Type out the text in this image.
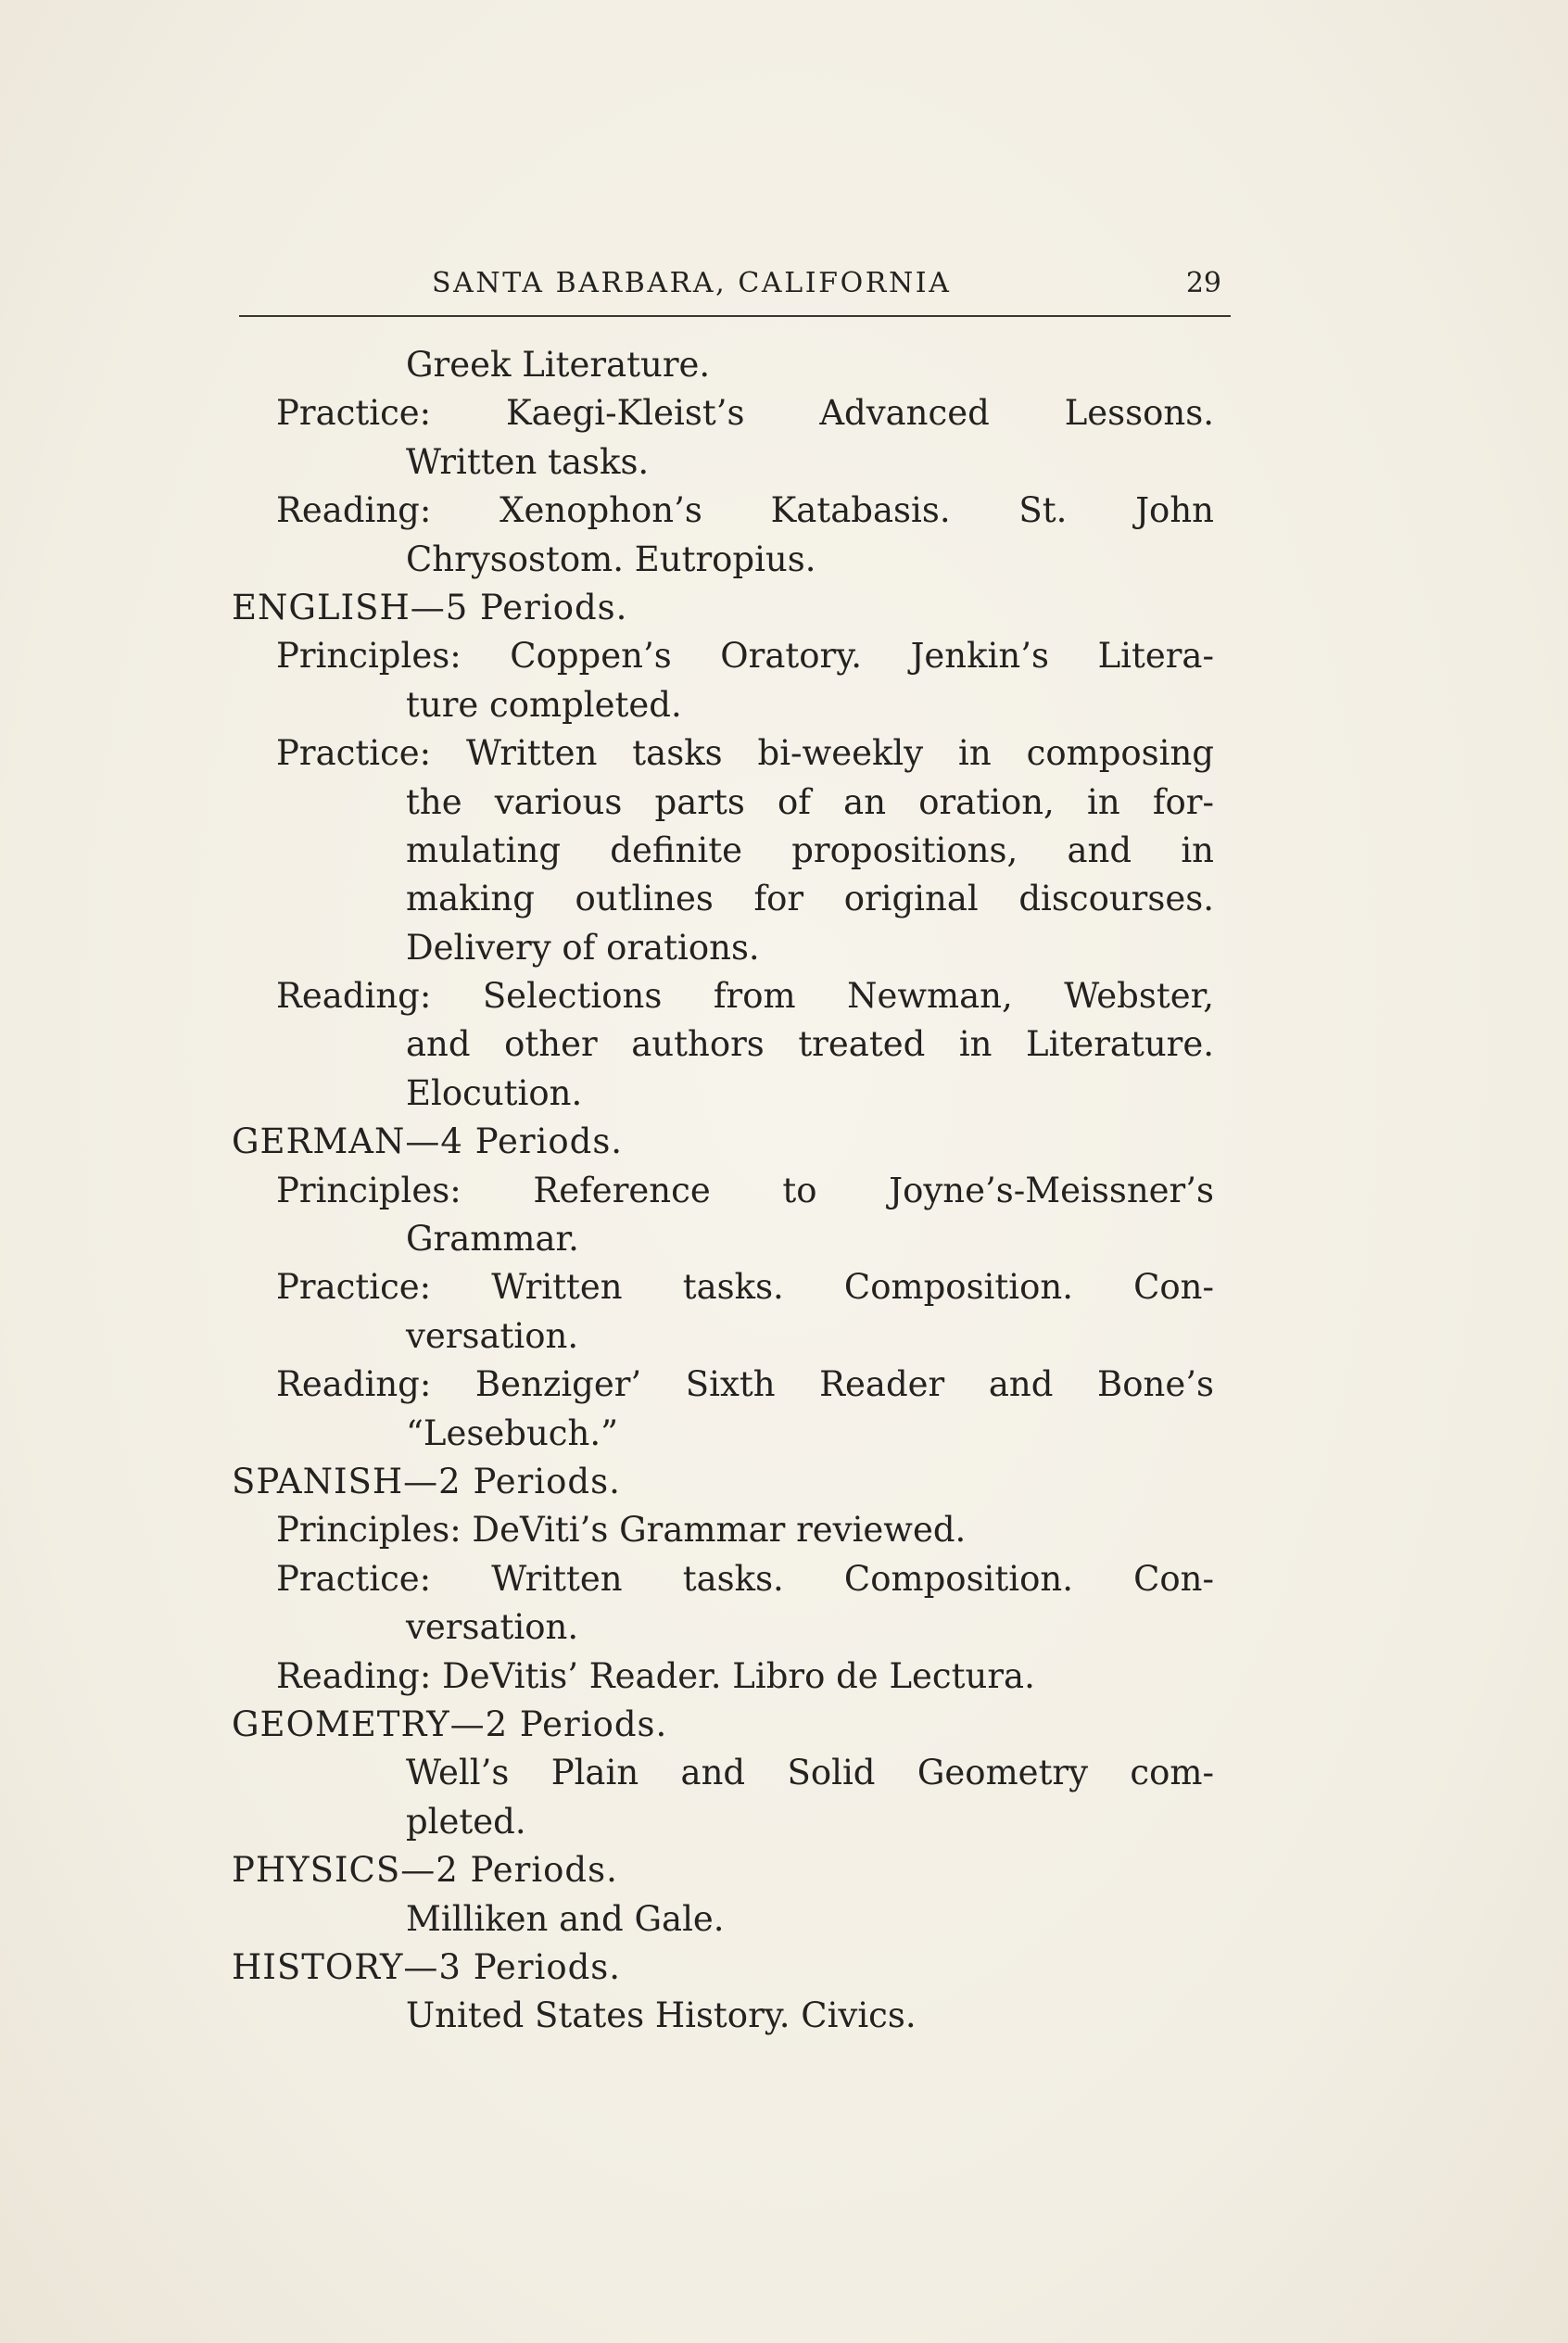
SANTA BARBARA, CALIFORNIA	29
Greek Literature.
Practice: Kaegi-Kleist’s Advanced Lessons.
Written tasks.
Reading: Xenophon’s Katabasis. St. John
Chrysostom. Eutropius.
ENGLISH—5 Periods.
Principles: Coppen’s Oratory. Jenkin’s Litera-
ture completed.
Practice: Written tasks bi-weekly in composing
the various parts of an oration, in for-
mulating definite propositions, and in
making outlines for original discourses.
Delivery of orations.
Reading: Selections from Newman, Webster,
and other authors treated in Literature.
Elocution.
GERMAN—4 Periods.
Principles: Reference to Joyne’s-Meissner’s
Grammar.
Practice: Written tasks. Composition. Con-
versation.
Reading: Benziger’ Sixth Reader and Bone’s
“Lesebuch.”
SPANISH—2 Periods.
Principles: DeViti’s Grammar reviewed.
Practice: Written tasks. Composition. Con-
versation.
Reading: DeVitis’ Reader. Libro de Lectura.
GEOMETRY—2 Periods.
Well’s Plain and Solid Geometry com-
pleted.
PHYSICS—2 Periods.
Milliken and Gale.
HISTORY—3 Periods.
United States History. Civics.
